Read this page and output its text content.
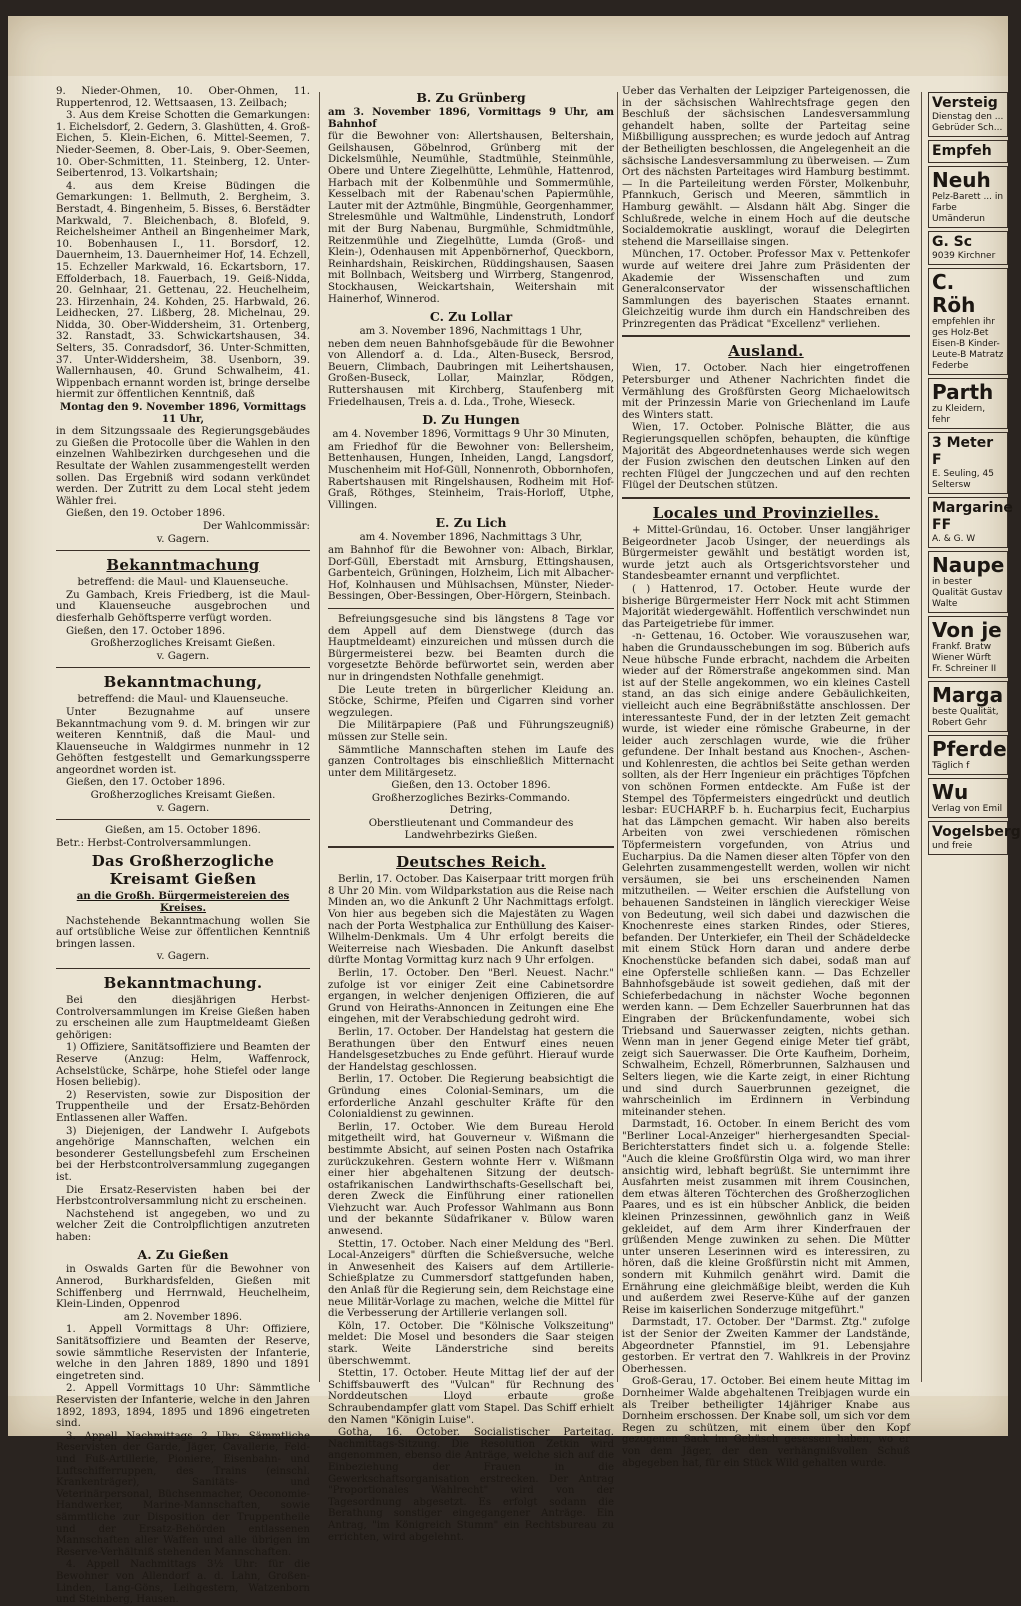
9. Nieder-Ohmen, 10. Ober-Ohmen, 11. Ruppertenrod, 12. Wettsaasen, 13. Zeilbach;

3. Aus dem Kreise Schotten die Gemarkungen: 1. Eichelsdorf, 2. Gedern, 3. Glashütten, 4. Groß-Eichen, 5. Klein-Eichen, 6. Mittel-Seemen, 7. Nieder-Seemen, 8. Ober-Lais, 9. Ober-Seemen, 10. Ober-Schmitten, 11. Steinberg, 12. Unter-Seibertenrod, 13. Volkartshain;

4. aus dem Kreise Büdingen die Gemarkungen: 1. Bellmuth, 2. Bergheim, 3. Berstadt, 4. Bingenheim, 5. Bisses, 6. Berstädter Markwald, 7. Bleichenbach, 8. Blofeld, 9. Reichelsheimer Antheil an Bingenheimer Mark, 10. Bobenhausen I., 11. Borsdorf, 12. Dauernheim, 13. Dauernheimer Hof, 14. Echzell, 15. Echzeller Markwald, 16. Eckartsborn, 17. Effolderbach, 18. Fauerbach, 19. Geiß-Nidda, 20. Gelnhaar, 21. Gettenau, 22. Heuchelheim, 23. Hirzenhain, 24. Kohden, 25. Harbwald, 26. Leidhecken, 27. Lißberg, 28. Michelnau, 29. Nidda, 30. Ober-Widdersheim, 31. Ortenberg, 32. Ranstadt, 33. Schwickartshausen, 34. Selters, 35. Conradsdorf, 36. Unter-Schmitten, 37. Unter-Widdersheim, 38. Usenborn, 39. Wallernhausen, 40. Grund Schwalheim, 41. Wippenbach ernannt worden ist, bringe derselbe hiermit zur öffentlichen Kenntniß, daß

Montag den 9. November 1896, Vormittags 11 Uhr,

in dem Sitzungssaale des Regierungsgebäudes zu Gießen die Protocolle über die Wahlen in den einzelnen Wahlbezirken durchgesehen und die Resultate der Wahlen zusammengestellt werden sollen. Das Ergebniß wird sodann verkündet werden. Der Zutritt zu dem Local steht jedem Wähler frei.

Gießen, den 19. October 1896.

Der Wahlcommissär:

v. Gagern.

Bekanntmachung

betreffend: die Maul- und Klauenseuche.

Zu Gambach, Kreis Friedberg, ist die Maul- und Klauenseuche ausgebrochen und diesferhalb Gehöftsperre verfügt worden.

Gießen, den 17. October 1896.

Großherzogliches Kreisamt Gießen.

v. Gagern.

Bekanntmachung,

betreffend: die Maul- und Klauenseuche.

Unter Bezugnahme auf unsere Bekanntmachung vom 9. d. M. bringen wir zur weiteren Kenntniß, daß die Maul- und Klauenseuche in Waldgirmes nunmehr in 12 Gehöften festgestellt und Gemarkungssperre angeordnet worden ist.

Gießen, den 17. October 1896.

Großherzogliches Kreisamt Gießen.

v. Gagern.

Gießen, am 15. October 1896.

Betr.: Herbst-Controlversammlungen.

Das Großherzogliche Kreisamt Gießen

an die Großh. Bürgermeistereien des Kreises.

Nachstehende Bekanntmachung wollen Sie auf ortsübliche Weise zur öffentlichen Kenntniß bringen lassen.

v. Gagern.

Bekanntmachung.

Bei den diesjährigen Herbst-Controlversammlungen im Kreise Gießen haben zu erscheinen alle zum Hauptmeldeamt Gießen gehörigen:

1) Offiziere, Sanitätsoffiziere und Beamten der Reserve (Anzug: Helm, Waffenrock, Achselstücke, Schärpe, hohe Stiefel oder lange Hosen beliebig).

2) Reservisten, sowie zur Disposition der Truppentheile und der Ersatz-Behörden Entlassenen aller Waffen.

3) Diejenigen, der Landwehr I. Aufgebots angehörige Mannschaften, welchen ein besonderer Gestellungsbefehl zum Erscheinen bei der Herbstcontrolversammlung zugegangen ist.

Die Ersatz-Reservisten haben bei der Herbstcontrolversammlung nicht zu erscheinen.

Nachstehend ist angegeben, wo und zu welcher Zeit die Controlpflichtigen anzutreten haben:

A. Zu Gießen

in Oswalds Garten für die Bewohner von Annerod, Burkhardsfelden, Gießen mit Schiffenberg und Herrnwald, Heuchelheim, Klein-Linden, Oppenrod

am 2. November 1896.

1. Appell Vormittags 8 Uhr: Offiziere, Sanitätsoffiziere und Beamten der Reserve, sowie sämmtliche Reservisten der Infanterie, welche in den Jahren 1889, 1890 und 1891 eingetreten sind.

2. Appell Vormittags 10 Uhr: Sämmtliche Reservisten der Infanterie, welche in den Jahren 1892, 1893, 1894, 1895 und 1896 eingetreten sind.

3. Appell Nachmittags 2 Uhr: Sämmtliche Reservisten der Garde, Jäger, Cavallerie, Feld- und Fuß-Artillerie, Pioniere, Eisenbahn- und Luftschifferruppen, des Trains (einschl. Krankenträger), Sanitäts- und Veterinärpersonal, Büchsenmacher, Oeconomie-Handwerker, Marine-Mannschaften, sowie sämmtliche zur Disposition der Truppentheile und der Ersatz-Behörden entlassenen Mannschaften aller Waffen und alle übrigen im Reserve-Verhältniß stehenden Mannschaften.

4. Appell Nachmittags 3½ Uhr: für die Bewohner von Allendorf a. d. Lahn, Großen-Linden, Lang-Göns, Leihgestern, Watzenborn und Steinberg, Hausen.

B. Zu Grünberg

am 3. November 1896, Vormittags 9 Uhr, am Bahnhof

für die Bewohner von: Allertshausen, Beltershain, Geilshausen, Göbelnrod, Grünberg mit der Dickelsmühle, Neumühle, Stadtmühle, Steinmühle, Obere und Untere Ziegelhütte, Lehmühle, Hattenrod, Harbach mit der Kolbenmühle und Sommermühle, Kesselbach mit der Rabenau'schen Papiermühle, Lauter mit der Aztmühle, Bingmühle, Georgenhammer, Strelesmühle und Waltmühle, Lindenstruth, Londorf mit der Burg Nabenau, Burgmühle, Schmidtmühle, Reitzenmühle und Ziegelhütte, Lumda (Groß- und Klein-), Odenhausen mit Appenbörnerhof, Queckborn, Reinhardshain, Reiskirchen, Rüddingshausen, Saasen mit Bollnbach, Weitsberg und Wirrberg, Stangenrod, Stockhausen, Weickartshain, Weitershain mit Hainerhof, Winnerod.

C. Zu Lollar

am 3. November 1896, Nachmittags 1 Uhr,

neben dem neuen Bahnhofsgebäude für die Bewohner von Allendorf a. d. Lda., Alten-Buseck, Bersrod, Beuern, Climbach, Daubringen mit Leihertshausen, Großen-Buseck, Lollar, Mainzlar, Rödgen, Ruttershausen mit Kirchberg, Staufenberg mit Friedelhausen, Treis a. d. Lda., Trohe, Wieseck.

D. Zu Hungen

am 4. November 1896, Vormittags 9 Uhr 30 Minuten,

am Friedhof für die Bewohner von: Bellersheim, Bettenhausen, Hungen, Inheiden, Langd, Langsdorf, Muschenheim mit Hof-Güll, Nonnenroth, Obbornhofen, Rabertshausen mit Ringelshausen, Rodheim mit Hof-Graß, Röthges, Steinheim, Trais-Horloff, Utphe, Villingen.

E. Zu Lich

am 4. November 1896, Nachmittags 3 Uhr,

am Bahnhof für die Bewohner von: Albach, Birklar, Dorf-Güll, Eberstadt mit Arnsburg, Ettingshausen, Garbenteich, Grüningen, Holzheim, Lich mit Albacher-Hof, Kolnhausen und Mühlsachsen, Münster, Nieder-Bessingen, Ober-Bessingen, Ober-Hörgern, Steinbach.

Befreiungsgesuche sind bis längstens 8 Tage vor dem Appell auf dem Dienstwege (durch das Hauptmeldeamt) einzureichen und müssen durch die Bürgermeisterei bezw. bei Beamten durch die vorgesetzte Behörde befürwortet sein, werden aber nur in dringendsten Nothfalle genehmigt.

Die Leute treten in bürgerlicher Kleidung an. Stöcke, Schirme, Pfeifen und Cigarren sind vorher wegzulegen.

Die Militärpapiere (Paß und Führungszeugniß) müssen zur Stelle sein.

Sämmtliche Mannschaften stehen im Laufe des ganzen Controltages bis einschließlich Mitternacht unter dem Militärgesetz.

Gießen, den 13. October 1896.

Großherzogliches Bezirks-Commando.

Detring,

Oberstlieutenant und Commandeur des Landwehrbezirks Gießen.

Deutsches Reich.

Berlin, 17. October. Das Kaiserpaar tritt morgen früh 8 Uhr 20 Min. vom Wildparkstation aus die Reise nach Minden an, wo die Ankunft 2 Uhr Nachmittags erfolgt. Von hier aus begeben sich die Majestäten zu Wagen nach der Porta Westphalica zur Enthüllung des Kaiser-Wilhelm-Denkmals. Um 4 Uhr erfolgt bereits die Weiterreise nach Wiesbaden. Die Ankunft daselbst dürfte Montag Vormittag kurz nach 9 Uhr erfolgen.

Berlin, 17. October. Den "Berl. Neuest. Nachr." zufolge ist vor einiger Zeit eine Cabinetsordre ergangen, in welcher denjenigen Offizieren, die auf Grund von Heiraths-Annoncen in Zeitungen eine Ehe eingehen, mit der Verabschiedung gedroht wird.

Berlin, 17. October. Der Handelstag hat gestern die Berathungen über den Entwurf eines neuen Handelsgesetzbuches zu Ende geführt. Hierauf wurde der Handelstag geschlossen.

Berlin, 17. October. Die Regierung beabsichtigt die Gründung eines Colonial-Seminars, um die erforderliche Anzahl geschulter Kräfte für den Colonialdienst zu gewinnen.

Berlin, 17. October. Wie dem Bureau Herold mitgetheilt wird, hat Gouverneur v. Wißmann die bestimmte Absicht, auf seinen Posten nach Ostafrika zurückzukehren. Gestern wohnte Herr v. Wißmann einer hier abgehaltenen Sitzung der deutsch-ostafrikanischen Landwirthschafts-Gesellschaft bei, deren Zweck die Einführung einer rationellen Viehzucht war. Auch Professor Wahlmann aus Bonn und der bekannte Südafrikaner v. Bülow waren anwesend.

Stettin, 17. October. Nach einer Meldung des "Berl. Local-Anzeigers" dürften die Schießversuche, welche in Anwesenheit des Kaisers auf dem Artillerie-Schießplatze zu Cummersdorf stattgefunden haben, den Anlaß für die Regierung sein, dem Reichstage eine neue Militär-Vorlage zu machen, welche die Mittel für die Verbesserung der Artillerie verlangen soll.

Köln, 17. October. Die "Kölnische Volkszeitung" meldet: Die Mosel und besonders die Saar steigen stark. Weite Länderstriche sind bereits überschwemmt.

Stettin, 17. October. Heute Mittag lief der auf der Schiffsbauwerft des "Vulcan" für Rechnung des Norddeutschen Lloyd erbaute große Schraubendampfer glatt vom Stapel. Das Schiff erhielt den Namen "Königin Luise".

Gotha, 16. October. Socialistischer Parteitag. Nachmittags-Sitzung. Die Resolution Zetkin wird angenommen, ebenso die Anträge, welche sich auf die Einbeziehung der Frauen in die Gewerkschaftsorganisation erstrecken. Der Antrag "Proportionales Wahlrecht" wird von der Tagesordnung abgesetzt. Es erfolgt sodann die Berathung sonstiger eingegangener Anträge. Ein Antrag, "im Königreich Stumm" ein Rechtsbureau zu errichten, wird abgelehnt.

Ueber das Verhalten der Leipziger Parteigenossen, die in der sächsischen Wahlrechtsfrage gegen den Beschluß der sächsischen Landesversammlung gehandelt haben, sollte der Parteitag seine Mißbilligung aussprechen; es wurde jedoch auf Antrag der Betheiligten beschlossen, die Angelegenheit an die sächsische Landesversammlung zu überweisen. — Zum Ort des nächsten Parteitages wird Hamburg bestimmt. — In die Parteileitung werden Förster, Molkenbuhr, Pfannkuch, Gerisch und Meeren, sämmtlich in Hamburg gewählt. — Alsdann hält Abg. Singer die Schlußrede, welche in einem Hoch auf die deutsche Socialdemokratie ausklingt, worauf die Delegirten stehend die Marseillaise singen.

München, 17. October. Professor Max v. Pettenkofer wurde auf weitere drei Jahre zum Präsidenten der Akademie der Wissenschaften und zum Generalconservator der wissenschaftlichen Sammlungen des bayerischen Staates ernannt. Gleichzeitig wurde ihm durch ein Handschreiben des Prinzregenten das Prädicat "Excellenz" verliehen.

Ausland.

Wien, 17. October. Nach hier eingetroffenen Petersburger und Athener Nachrichten findet die Vermählung des Großfürsten Georg Michaelowitsch mit der Prinzessin Marie von Griechenland im Laufe des Winters statt.

Wien, 17. October. Polnische Blätter, die aus Regierungsquellen schöpfen, behaupten, die künftige Majorität des Abgeordnetenhauses werde sich wegen der Fusion zwischen den deutschen Linken auf den rechten Flügel der Jungczechen und auf den rechten Flügel der Deutschen stützen.

Locales und Provinzielles.

+ Mittel-Gründau, 16. October. Unser langjähriger Beigeordneter Jacob Usinger, der neuerdings als Bürgermeister gewählt und bestätigt worden ist, wurde jetzt auch als Ortsgerichtsvorsteher und Standesbeamter ernannt und verpflichtet.

( ) Hattenrod, 17. October. Heute wurde der bisherige Bürgermeister Herr Nock mit acht Stimmen Majorität wiedergewählt. Hoffentlich verschwindet nun das Parteigetriebe für immer.

-n- Gettenau, 16. October. Wie vorauszusehen war, haben die Grundausschebungen im sog. Büberich aufs Neue hübsche Funde erbracht, nachdem die Arbeiten wieder auf der Römerstraße angekommen sind. Man ist auf der Stelle angekommen, wo ein kleines Castell stand, an das sich einige andere Gebäulichkeiten, vielleicht auch eine Begräbnißstätte anschlossen. Der interessanteste Fund, der in der letzten Zeit gemacht wurde, ist wieder eine römische Grabeurne, in der leider auch zerschlagen wurde, wie die früher gefundene. Der Inhalt bestand aus Knochen-, Aschen- und Kohlenresten, die achtlos bei Seite gethan werden sollten, als der Herr Ingenieur ein prächtiges Töpfchen von schönen Formen entdeckte. Am Fuße ist der Stempel des Töpfermeisters eingedrückt und deutlich lesbar: EUCHARP.F b. h. Eucharpius fecit, Eucharpius hat das Lämpchen gemacht. Wir haben also bereits Arbeiten von zwei verschiedenen römischen Töpfermeistern vorgefunden, von Atrius und Eucharpius. Da die Namen dieser alten Töpfer von den Gelehrten zusammengestellt werden, wollen wir nicht versäumen, sie bei uns erscheinenden Namen mitzutheilen. — Weiter erschien die Aufstellung von behauenen Sandsteinen in länglich viereckiger Weise von Bedeutung, weil sich dabei und dazwischen die Knochenreste eines starken Rindes, oder Stieres, befanden. Der Unterkiefer, ein Theil der Schädeldecke mit einem Stück Horn daran und andere derbe Knochenstücke befanden sich dabei, sodaß man auf eine Opferstelle schließen kann. — Das Echzeller Bahnhofsgebäude ist soweit gediehen, daß mit der Schieferbedachung in nächster Woche begonnen werden kann. — Dem Echzeller Sauerbrunnen hat das Eingraben der Brückenfundamente, wobei sich Triebsand und Sauerwasser zeigten, nichts gethan. Wenn man in jener Gegend einige Meter tief gräbt, zeigt sich Sauerwasser. Die Orte Kaufheim, Dorheim, Schwalheim, Echzell, Römerbrunnen, Salzhausen und Selters liegen, wie die Karte zeigt, in einer Richtung und sind durch Sauerbrunnen gezeignet, die wahrscheinlich im Erdinnern in Verbindung miteinander stehen.

Darmstadt, 16. October. In einem Bericht des vom "Berliner Local-Anzeiger" hierhergesandten Special-Berichterstatters findet sich u. a. folgende Stelle: "Auch die kleine Großfürstin Olga wird, wo man ihrer ansichtig wird, lebhaft begrüßt. Sie unternimmt ihre Ausfahrten meist zusammen mit ihrem Cousinchen, dem etwas älteren Töchterchen des Großherzoglichen Paares, und es ist ein hübscher Anblick, die beiden kleinen Prinzessinnen, gewöhnlich ganz in Weiß gekleidet, auf dem Arm ihrer Kinderfrauen der grüßenden Menge zuwinken zu sehen. Die Mütter unter unseren Leserinnen wird es interessiren, zu hören, daß die kleine Großfürstin nicht mit Ammen, sondern mit Kuhmilch genährt wird. Damit die Ernährung eine gleichmäßige bleibt, werden die Kuh und außerdem zwei Reserve-Kühe auf der ganzen Reise im kaiserlichen Sonderzuge mitgeführt."

Darmstadt, 17. October. Der "Darmst. Ztg." zufolge ist der Senior der Zweiten Kammer der Landstände, Abgeordneter Pfannstiel, im 91. Lebensjahre gestorben. Er vertrat den 7. Wahlkreis in der Provinz Oberhessen.

Groß-Gerau, 17. October. Bei einem heute Mittag im Dornheimer Walde abgehaltenen Treibjagen wurde ein als Treiber betheiligter 14jähriger Knabe aus Dornheim erschossen. Der Knabe soll, um sich vor dem Regen zu schützen, mit einem über den Kopf gezogenen Sack im Gebüsch gesessen haben, wo er von dem Jäger, der den verhängnißvollen Schuß abgegeben hat, für ein Stück Wild gehalten wurde.

Versteig
Dienstag den ... Gebrüder Sch...
Empfeh
Neuh
Pelz-Barett ... in Farbe Umänderun
G. Sc
9039 Kirchner
C. Röh
empfehlen ihr ges Holz-Bet Eisen-B Kinder- Leute-B Matratz Federbe
Parth
zu Kleidern, fehr
3 Meter F
E. Seuling, 45 Seltersw
Margarine FF
A. & G. W
Naupe
in bester Qualität Gustav Walte
Von je
Frankf. Bratw Wiener Würft Fr. Schreiner II
Marga
beste Qualität, Robert Gehr
Pferde
Täglich f
Wu
Verlag von Emil
Vogelsberg
und freie
